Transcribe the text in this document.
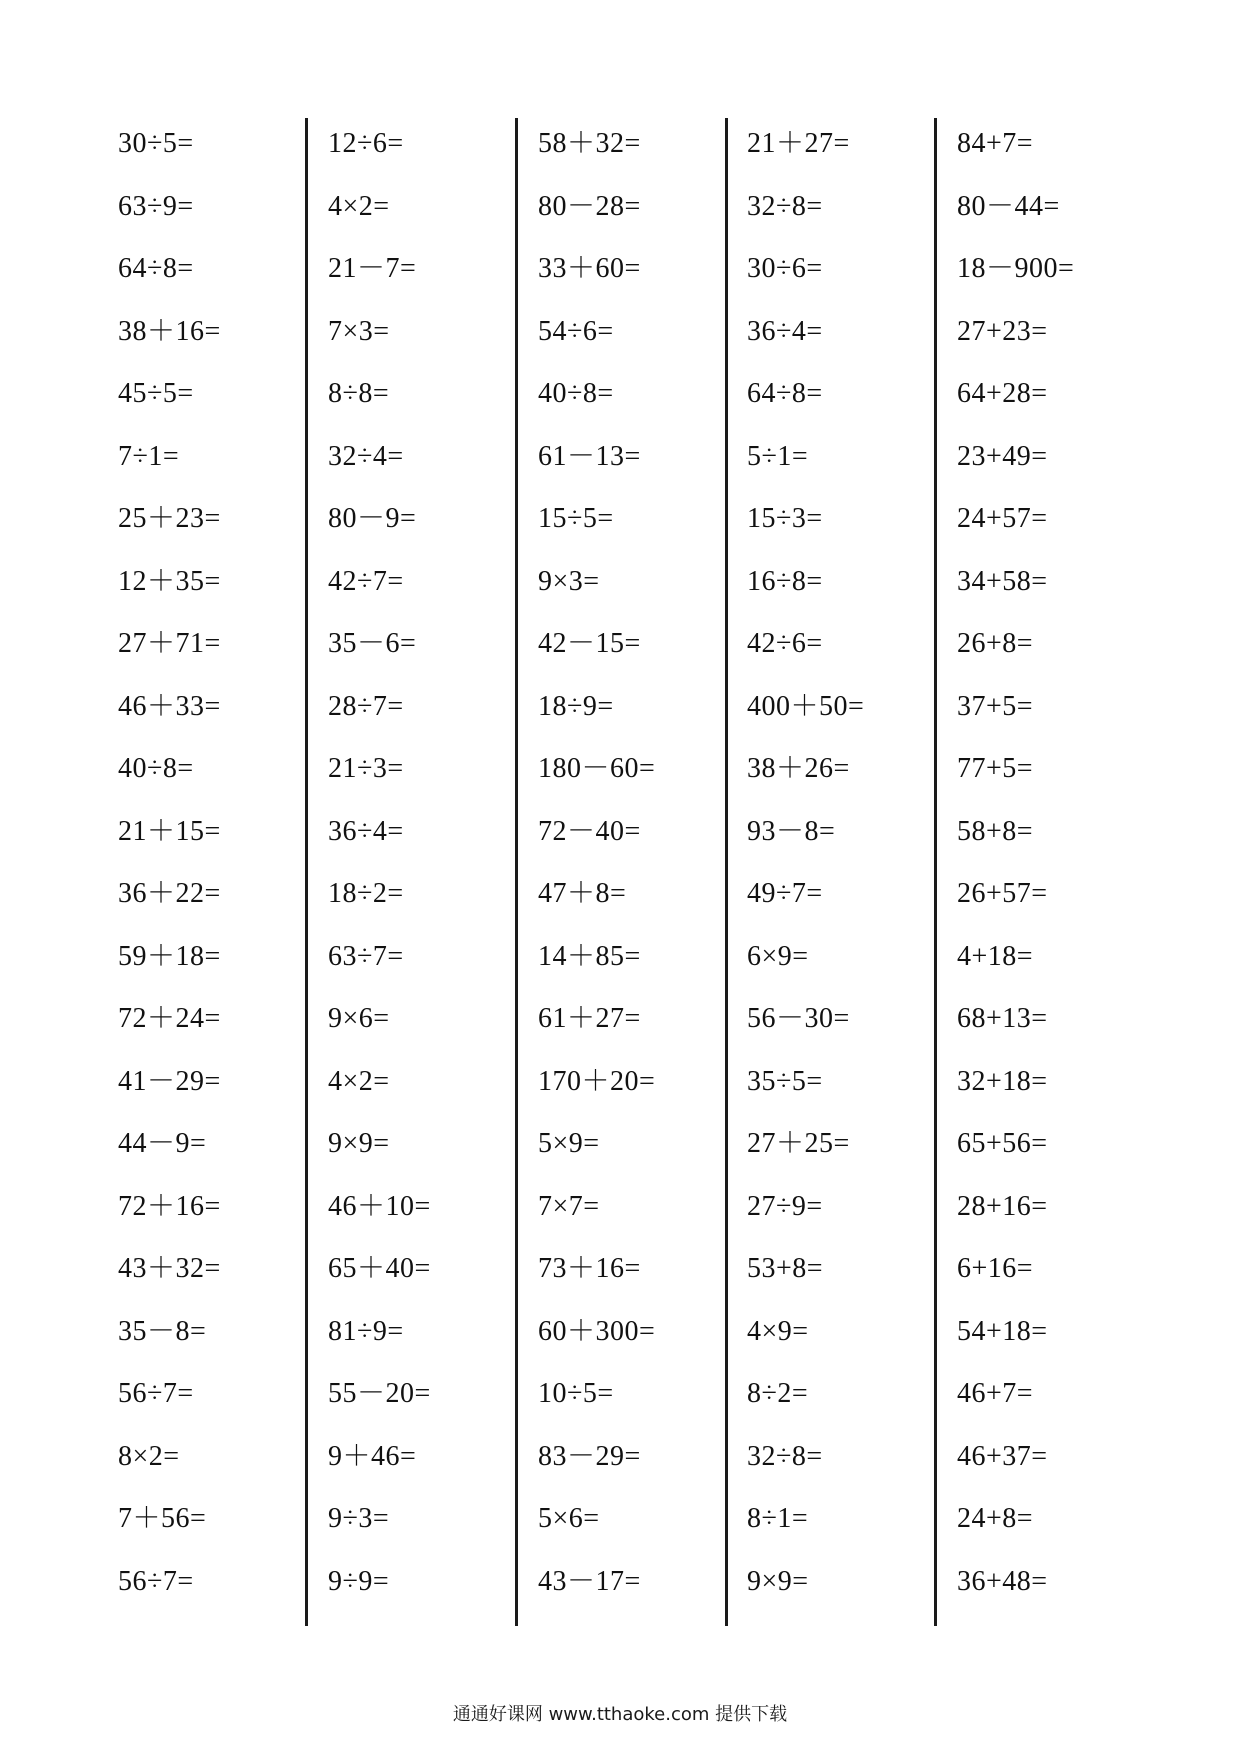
30÷5=
63÷9=
64÷8=
38＋16=
45÷5=
7÷1=
25＋23=
12＋35=
27＋71=
46＋33=
40÷8=
21＋15=
36＋22=
59＋18=
72＋24=
41－29=
44－9=
72＋16=
43＋32=
35－8=
56÷7=
8×2=
7＋56=
56÷7=
12÷6=
4×2=
21－7=
7×3=
8÷8=
32÷4=
80－9=
42÷7=
35－6=
28÷7=
21÷3=
36÷4=
18÷2=
63÷7=
9×6=
4×2=
9×9=
46＋10=
65＋40=
81÷9=
55－20=
9＋46=
9÷3=
9÷9=
58＋32=
80－28=
33＋60=
54÷6=
40÷8=
61－13=
15÷5=
9×3=
42－15=
18÷9=
180－60=
72－40=
47＋8=
14＋85=
61＋27=
170＋20=
5×9=
7×7=
73＋16=
60＋300=
10÷5=
83－29=
5×6=
43－17=
21＋27=
32÷8=
30÷6=
36÷4=
64÷8=
5÷1=
15÷3=
16÷8=
42÷6=
400＋50=
38＋26=
93－8=
49÷7=
6×9=
56－30=
35÷5=
27＋25=
27÷9=
53+8=
4×9=
8÷2=
32÷8=
8÷1=
9×9=
84+7=
80－44=
18－900=
27+23=
64+28=
23+49=
24+57=
34+58=
26+8=
37+5=
77+5=
58+8=
26+57=
4+18=
68+13=
32+18=
65+56=
28+16=
6+16=
54+18=
46+7=
46+37=
24+8=
36+48=
通通好课网 www.tthaoke.com 提供下载
